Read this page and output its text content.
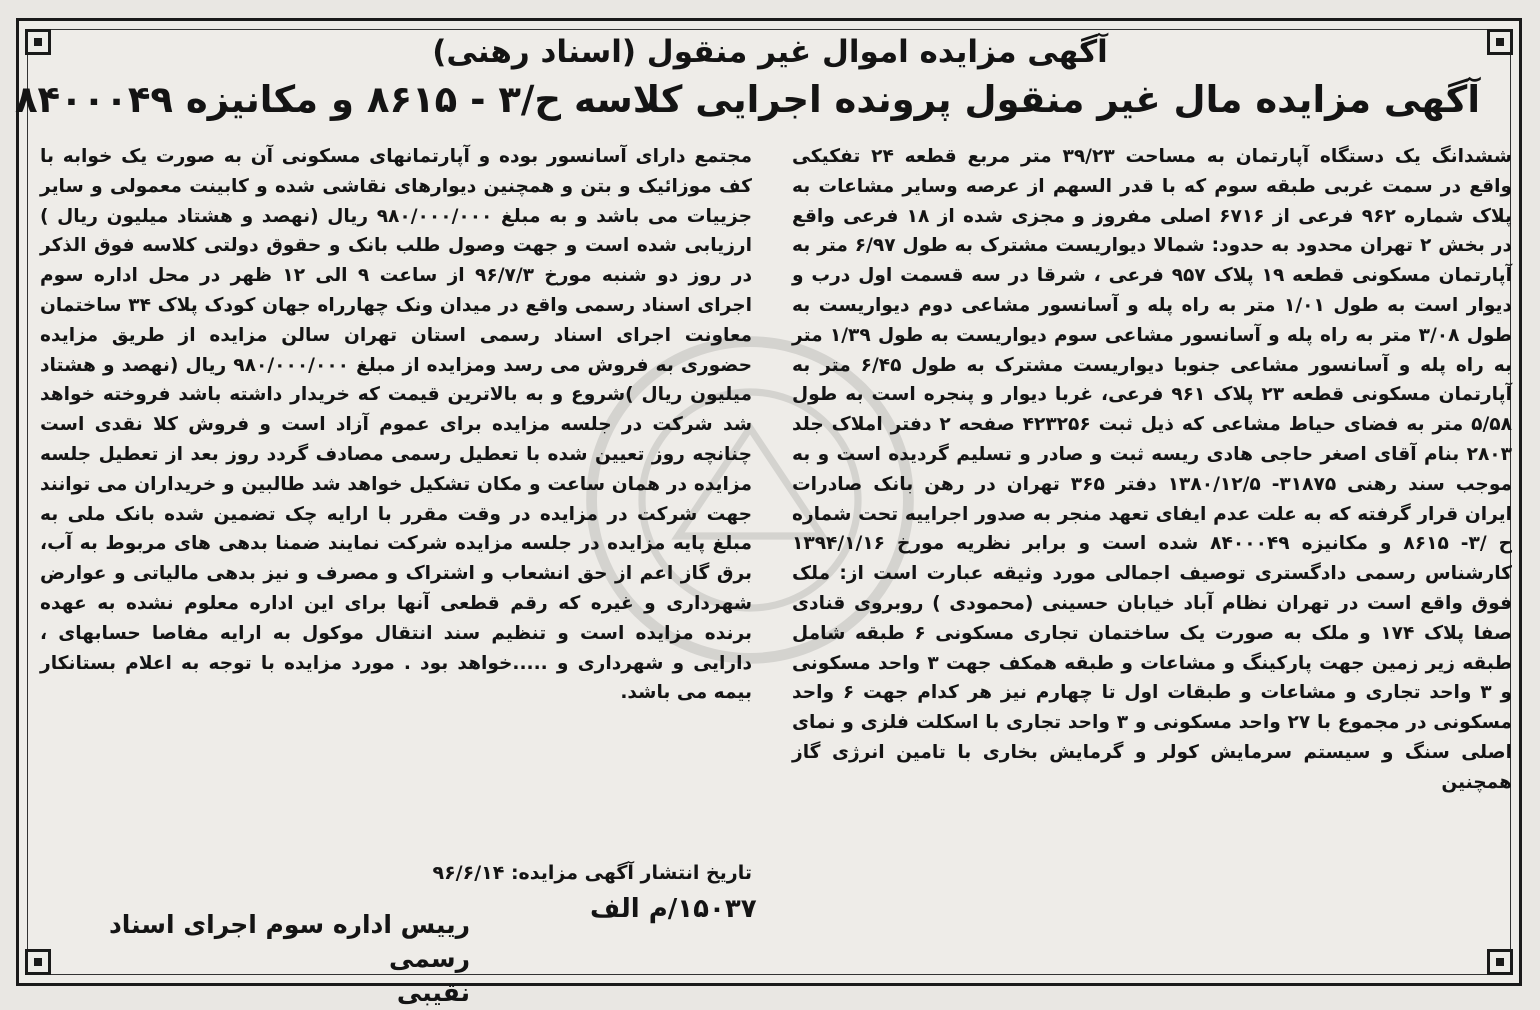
آگهی مزایده اموال غیر منقول (اسناد رهنی)
آگهی مزایده مال غیر منقول پرونده اجرایی کلاسه ح/۳ - ۸۶۱۵ و مکانیزه ۸۴۰۰۰۴۹

ششدانگ یک دستگاه آپارتمان به مساحت ۳۹/۲۳ متر مربع قطعه ۲۴ تفکیکی واقع در سمت غربی طبقه سوم که با قدر السهم از عرصه وسایر مشاعات به پلاک شماره ۹۶۲ فرعی از ۶۷۱۶ اصلی مفروز و مجزی شده از ۱۸ فرعی واقع در بخش ۲ تهران محدود به حدود: شمالا دیواریست مشترک به طول ۶/۹۷ متر به آپارتمان مسکونی قطعه ۱۹ پلاک ۹۵۷ فرعی ، شرقا در سه قسمت اول درب و دیوار است به طول ۱/۰۱ متر به راه پله و آسانسور مشاعی دوم دیواریست به طول ۳/۰۸ متر به راه پله و آسانسور مشاعی سوم دیواریست به طول ۱/۳۹ متر به راه پله و آسانسور مشاعی جنوبا دیواریست مشترک به طول ۶/۴۵ متر به آپارتمان مسکونی قطعه ۲۳ پلاک ۹۶۱ فرعی، غربا دیوار و پنجره است به طول ۵/۵۸ متر به فضای حیاط مشاعی که ذیل ثبت ۴۲۳۲۵۶ صفحه ۲ دفتر املاک جلد ۲۸۰۳ بنام آقای اصغر حاجی هادی ریسه ثبت و صادر و تسلیم گردیده است و به موجب سند رهنی ۳۱۸۷۵- ۱۳۸۰/۱۲/۵ دفتر ۳۶۵ تهران در رهن بانک صادرات ایران قرار گرفته که به علت عدم ایفای تعهد منجر به صدور اجراییه تحت شماره ح /۳- ۸۶۱۵ و مکانیزه ۸۴۰۰۰۴۹ شده است و برابر نظریه مورخ ۱۳۹۴/۱/۱۶ کارشناس رسمی دادگستری توصیف اجمالی مورد وثیقه عبارت است از: ملک فوق واقع است در تهران نظام آباد خیابان حسینی (محمودی ) روبروی قنادی صفا پلاک ۱۷۴ و ملک به صورت یک ساختمان تجاری مسکونی ۶ طبقه شامل طبقه زیر زمین جهت پارکینگ و مشاعات و طبقه همکف جهت ۳ واحد مسکونی و ۳ واحد تجاری و مشاعات و طبقات اول تا چهارم نیز هر کدام جهت ۶ واحد مسکونی در مجموع با ۲۷ واحد مسکونی و ۳ واحد تجاری با اسکلت فلزی و نمای اصلی سنگ و سیستم سرمایش کولر و گرمایش بخاری با تامین انرژی گاز همچنین

مجتمع دارای آسانسور بوده و آپارتمانهای مسکونی آن به صورت یک خوابه با کف موزائیک و بتن و همچنین دیوارهای نقاشی شده و کابینت معمولی و سایر جزییات می باشد و به مبلغ ۹۸۰/۰۰۰/۰۰۰ ریال (نهصد و هشتاد میلیون ریال ) ارزیابی شده است و جهت وصول طلب بانک و حقوق دولتی کلاسه فوق الذکر در روز دو شنبه مورخ ۹۶/۷/۳ از ساعت ۹ الی ۱۲ ظهر در محل اداره سوم اجرای اسناد رسمی واقع در میدان ونک چهارراه جهان کودک پلاک ۳۴ ساختمان معاونت اجرای اسناد رسمی استان تهران سالن مزایده از طریق مزایده حضوری به فروش می رسد ومزایده از مبلغ ۹۸۰/۰۰۰/۰۰۰ ریال (نهصد و هشتاد میلیون ریال )شروع و به بالاترین قیمت که خریدار داشته باشد فروخته خواهد شد شرکت در جلسه مزایده برای عموم آزاد است و فروش کلا نقدی است چنانچه روز تعیین شده با تعطیل رسمی مصادف گردد روز بعد از تعطیل جلسه مزایده در همان ساعت و مکان تشکیل خواهد شد طالبین و خریداران می توانند جهت شرکت در مزایده در وقت مقرر با ارایه چک تضمین شده بانک ملی به مبلغ پایه مزایده در جلسه مزایده شرکت نمایند ضمنا بدهی های مربوط به آب، برق گاز اعم از حق انشعاب و اشتراک و مصرف و نیز بدهی مالیاتی و عوارض شهرداری و غیره که رقم قطعی آنها برای این اداره معلوم نشده به عهده برنده مزایده است و تنظیم سند انتقال موکول به ارایه مفاصا حسابهای ، دارایی و شهرداری و .....خواهد بود . مورد مزایده با توجه به اعلام بستانکار بیمه می باشد.

تاریخ انتشار آگهی مزایده: ۹۶/۶/۱۴
۱۵۰۳۷/م الف
رییس اداره سوم اجرای اسناد رسمی
نقیبی
